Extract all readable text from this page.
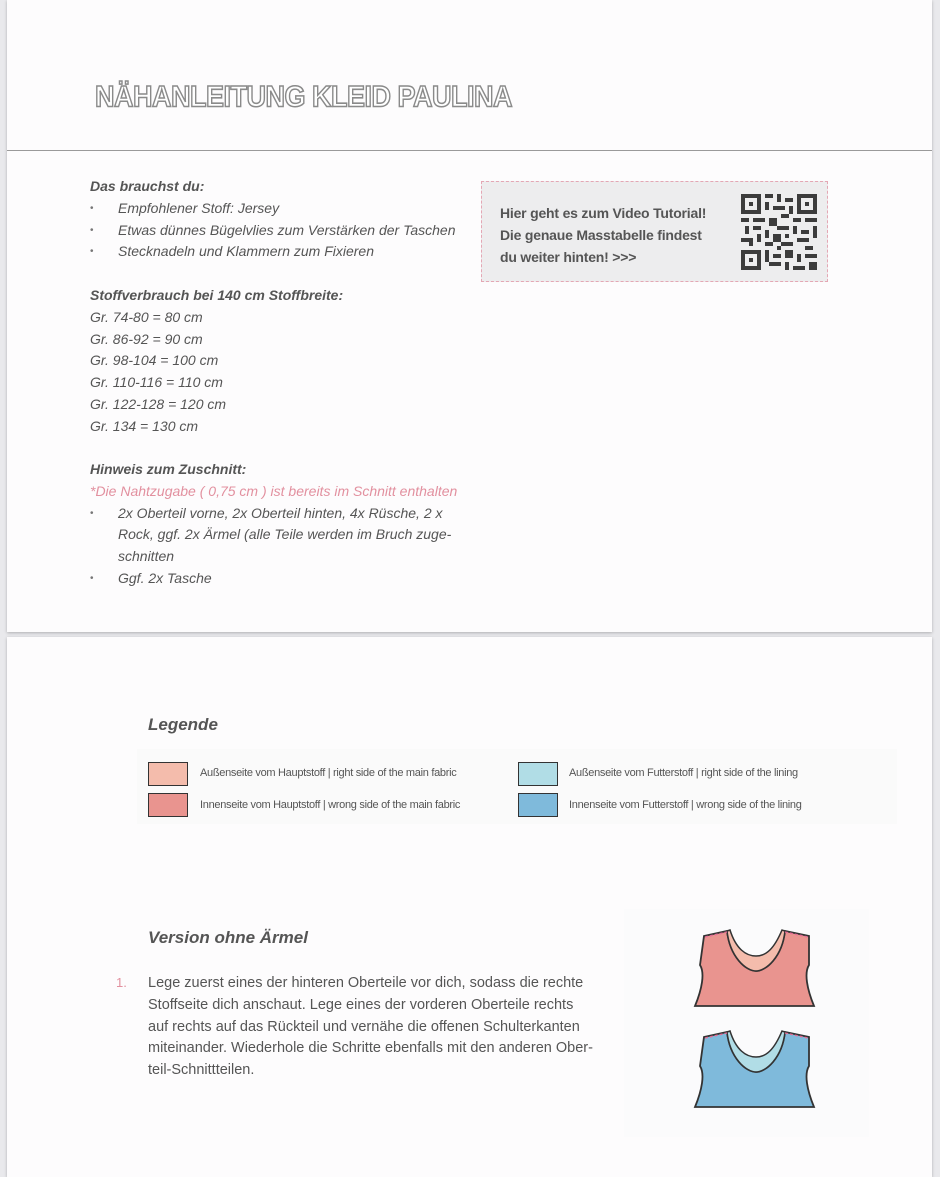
NÄHANLEITUNG KLEID PAULINA
Das brauchst du:
• Empfohlener Stoff: Jersey
• Etwas dünnes Bügelvlies zum Verstärken der Taschen
• Stecknadeln und Klammern zum Fixieren
Stoffverbrauch bei 140 cm Stoffbreite:
Gr. 74-80 = 80 cm
Gr. 86-92 = 90 cm
Gr. 98-104 = 100 cm
Gr. 110-116 = 110 cm
Gr. 122-128 = 120 cm
Gr. 134 = 130 cm
Hinweis zum Zuschnitt:
*Die Nahtzugabe ( 0,75 cm ) ist bereits im Schnitt enthalten
• 2x Oberteil vorne, 2x Oberteil hinten, 4x Rüsche, 2 x
Rock, ggf. 2x Ärmel (alle Teile werden im Bruch zuge-
schnitten
• Ggf. 2x Tasche
Hier geht es zum Video Tutorial!
Die genaue Masstabelle findest
du weiter hinten! >>>
Legende
Außenseite vom Hauptstoff | right side of the main fabric
Innenseite vom Hauptstoff | wrong side of the main fabric
Außenseite vom Futterstoff | right side of the lining
Innenseite vom Futterstoff | wrong side of the lining
Version ohne Ärmel
1. Lege zuerst eines der hinteren Oberteile vor dich, sodass die rechte
Stoffseite dich anschaut. Lege eines der vorderen Oberteile rechts
auf rechts auf das Rückteil und vernähe die offenen Schulterkanten
miteinander. Wiederhole die Schritte ebenfalls mit den anderen Ober-
teil-Schnittteilen.
